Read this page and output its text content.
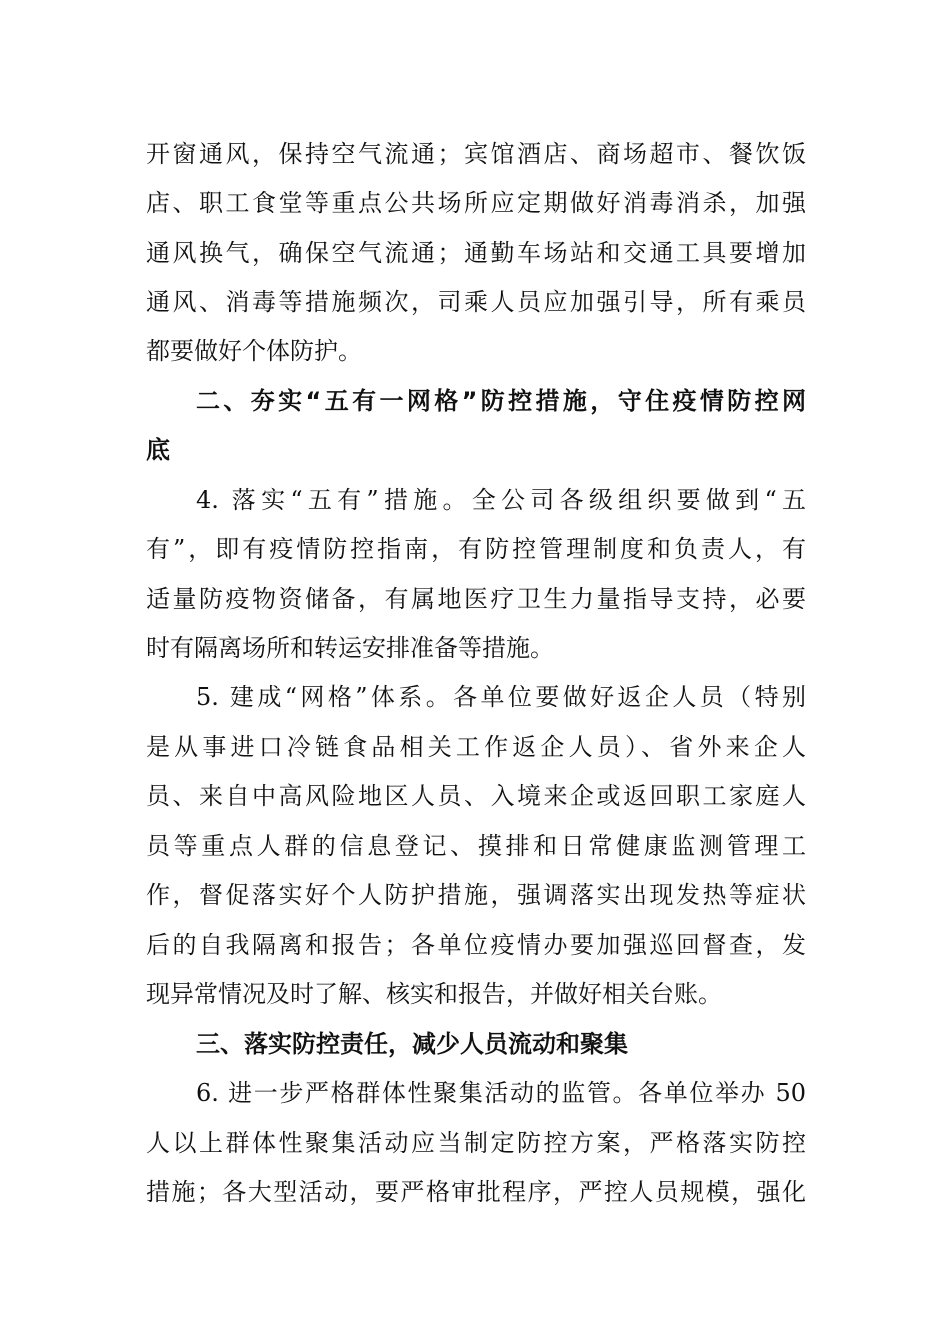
开窗通风，保持空气流通；宾馆酒店、商场超市、餐饮饭
店、职工食堂等重点公共场所应定期做好消毒消杀，加强
通风换气，确保空气流通；通勤车场站和交通工具要增加
通风、消毒等措施频次，司乘人员应加强引导，所有乘员
都要做好个体防护。
二、夯实“五有一网格”防控措施，守住疫情防控网
底
4. 落实“五有”措施。全公司各级组织要做到“五
有”，即有疫情防控指南，有防控管理制度和负责人，有
适量防疫物资储备，有属地医疗卫生力量指导支持，必要
时有隔离场所和转运安排准备等措施。
5. 建成“网格”体系。各单位要做好返企人员（特别
是从事进口冷链食品相关工作返企人员）、省外来企人
员、来自中高风险地区人员、入境来企或返回职工家庭人
员等重点人群的信息登记、摸排和日常健康监测管理工
作，督促落实好个人防护措施，强调落实出现发热等症状
后的自我隔离和报告；各单位疫情办要加强巡回督查，发
现异常情况及时了解、核实和报告，并做好相关台账。
三、落实防控责任，减少人员流动和聚集
6. 进一步严格群体性聚集活动的监管。各单位举办 50
人以上群体性聚集活动应当制定防控方案，严格落实防控
措施；各大型活动，要严格审批程序，严控人员规模，强化
